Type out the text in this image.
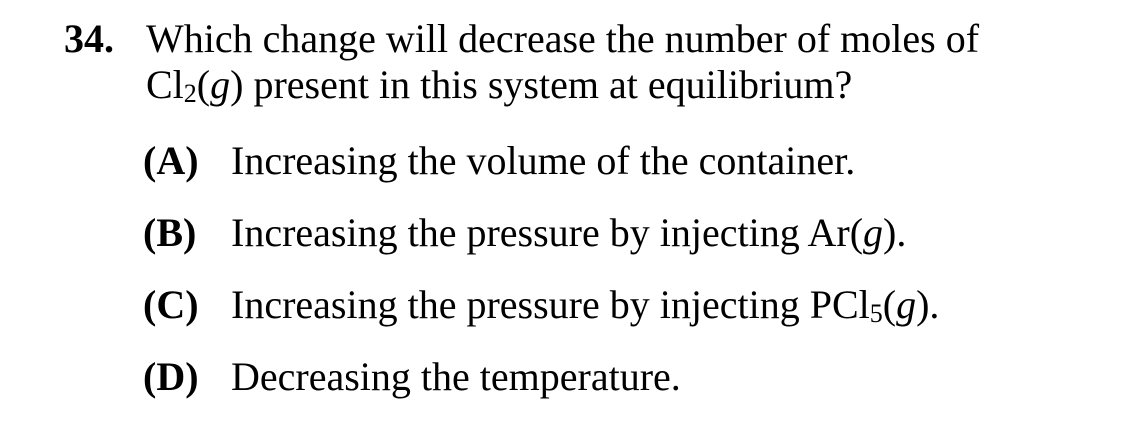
34. Which change will decrease the number of moles of
$Cl_2(g)$ present in this system at equilibrium?
(A) Increasing the volume of the container.
(B) Increasing the pressure by injecting Ar(g).
(C) Increasing the pressure by injecting PCl$_5$(g).
(D) Decreasing the temperature.
